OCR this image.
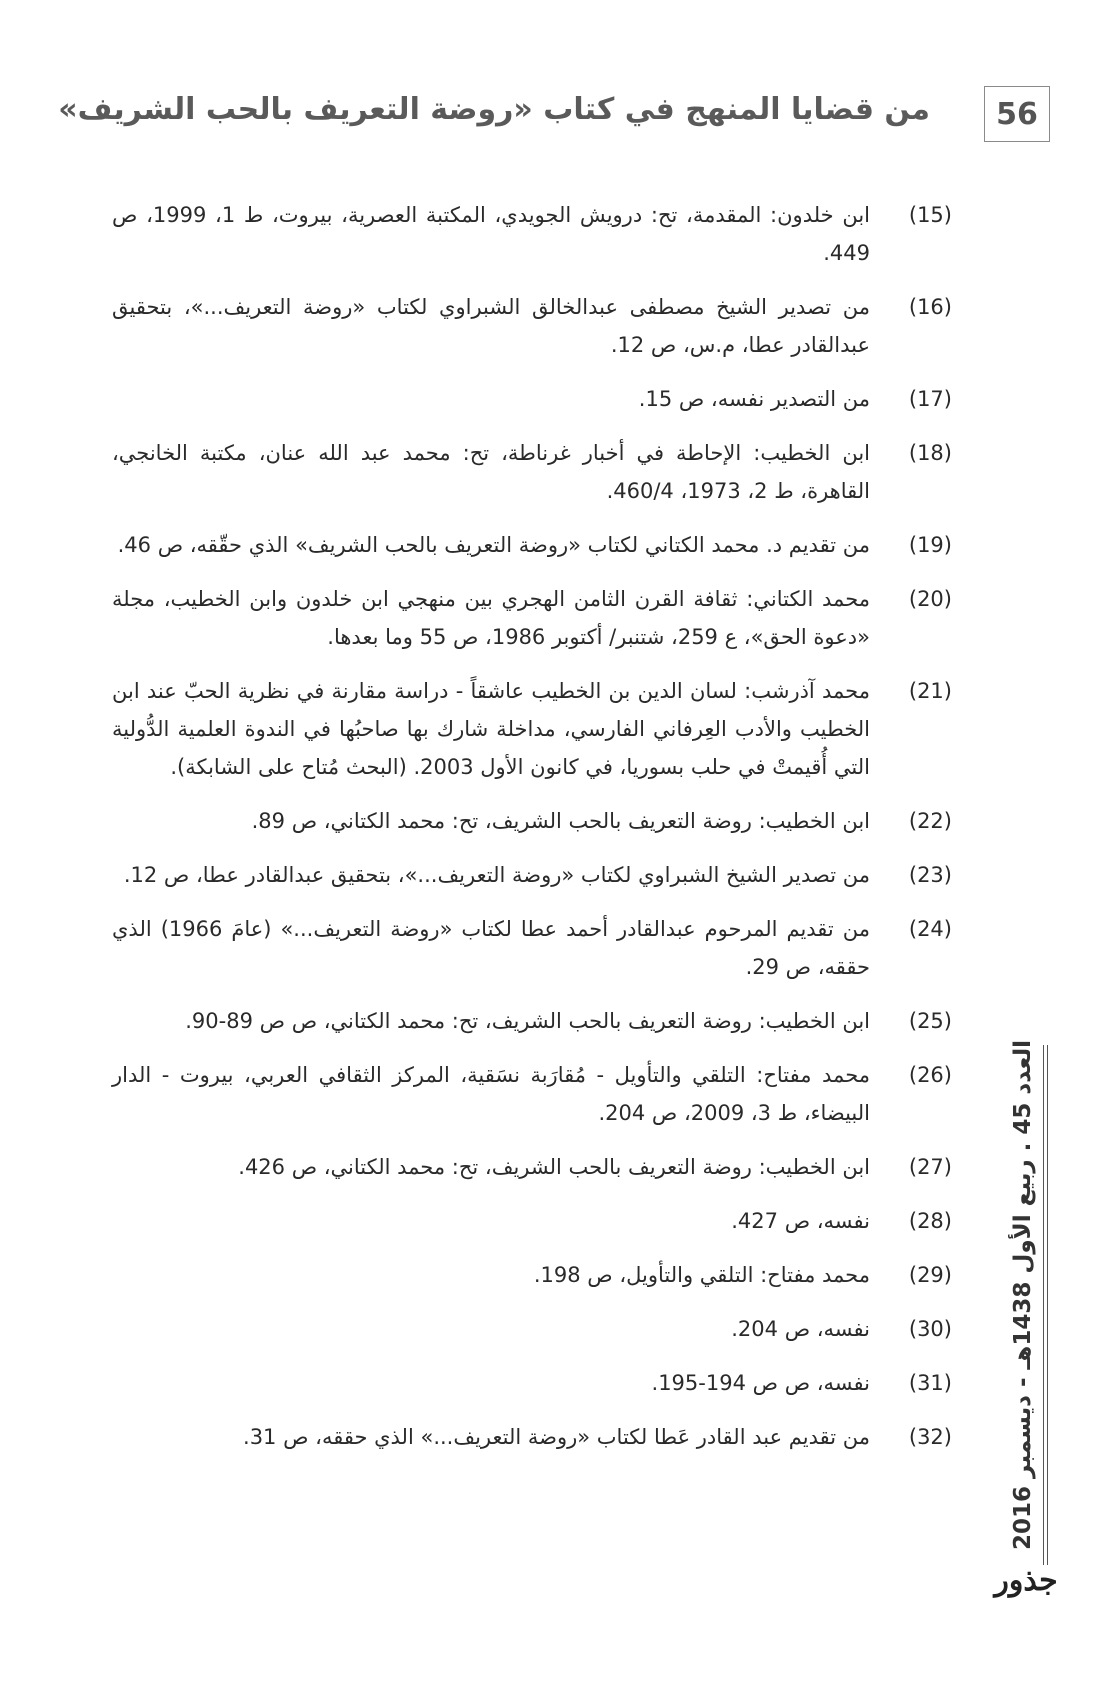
56
من قضايا المنهج في كتاب «روضة التعريف بالحب الشريف»
(15)
ابن خلدون: المقدمة، تح: درويش الجويدي، المكتبة العصرية، بيروت، ط 1، 1999، ص 449.
(16)
من تصدير الشيخ مصطفى عبدالخالق الشبراوي لكتاب «روضة التعريف...»، بتحقيق عبدالقادر عطا، م.س، ص 12.
(17)
من التصدير نفسه، ص 15.
(18)
ابن الخطيب: الإحاطة في أخبار غرناطة، تح: محمد عبد الله عنان، مكتبة الخانجي، القاهرة، ط 2، 1973، 460/4.
(19)
من تقديم د. محمد الكتاني لكتاب «روضة التعريف بالحب الشريف» الذي حقّقه، ص 46.
(20)
محمد الكتاني: ثقافة القرن الثامن الهجري بين منهجي ابن خلدون وابن الخطيب، مجلة «دعوة الحق»، ع 259، شتنبر/ أكتوبر 1986، ص 55 وما بعدها.
(21)
محمد آذرشب: لسان الدين بن الخطيب عاشقاً - دراسة مقارنة في نظرية الحبّ عند ابن الخطيب والأدب العِرفاني الفارسي، مداخلة شارك بها صاحبُها في الندوة العلمية الدُّولية التي أُقيمتْ في حلب بسوريا، في كانون الأول 2003. (البحث مُتاح على الشابكة).
(22)
ابن الخطيب: روضة التعريف بالحب الشريف، تح: محمد الكتاني، ص 89.
(23)
من تصدير الشيخ الشبراوي لكتاب «روضة التعريف...»، بتحقيق عبدالقادر عطا، ص 12.
(24)
من تقديم المرحوم عبدالقادر أحمد عطا لكتاب «روضة التعريف...» (عامَ 1966) الذي حققه، ص 29.
(25)
ابن الخطيب: روضة التعريف بالحب الشريف، تح: محمد الكتاني، ص ص 89-90.
(26)
محمد مفتاح: التلقي والتأويل - مُقارَبة نسَقية، المركز الثقافي العربي، بيروت - الدار البيضاء، ط 3، 2009، ص 204.
(27)
ابن الخطيب: روضة التعريف بالحب الشريف، تح: محمد الكتاني، ص 426.
(28)
نفسه، ص 427.
(29)
محمد مفتاح: التلقي والتأويل، ص 198.
(30)
نفسه، ص 204.
(31)
نفسه، ص ص 194-195.
(32)
من تقديم عبد القادر عَطا لكتاب «روضة التعريف...» الذي حققه، ص 31.
العدد 45 . ربيع الأول 1438هـ - ديسمبر 2016
جذور
